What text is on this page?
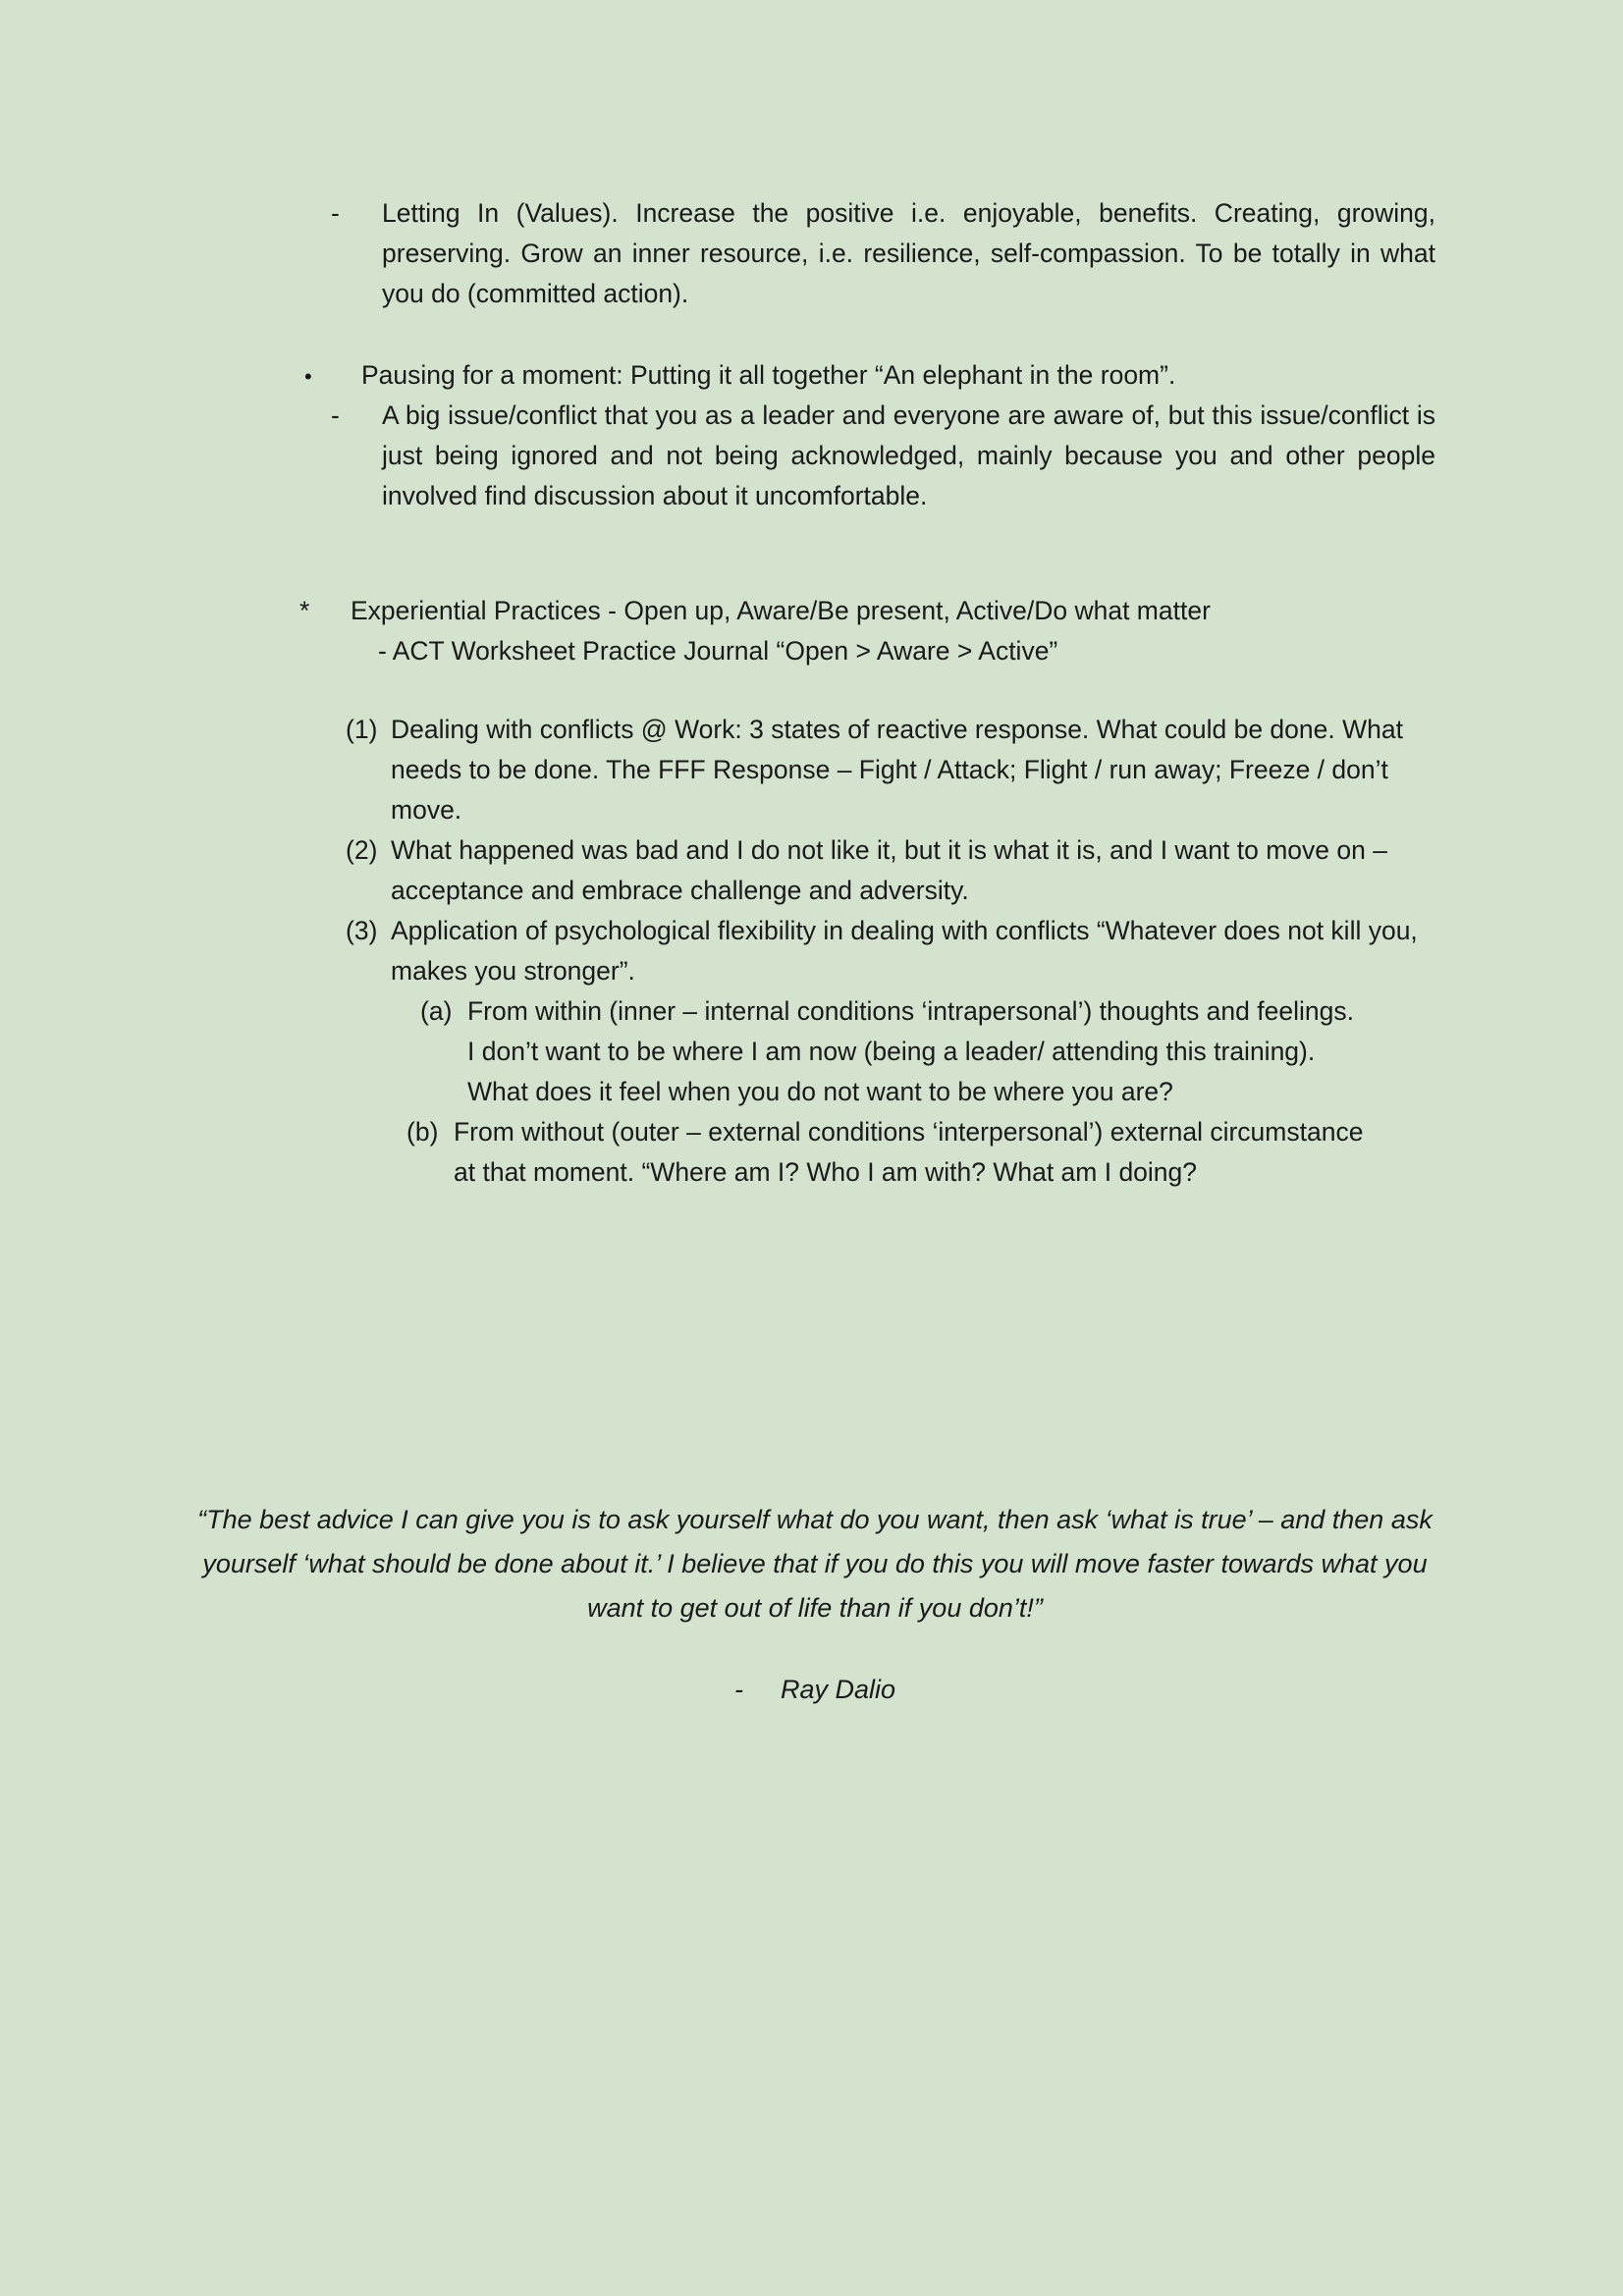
-	Letting In (Values). Increase the positive i.e. enjoyable, benefits. Creating, growing, preserving. Grow an inner resource, i.e. resilience, self-compassion. To be totally in what you do (committed action).
•	Pausing for a moment: Putting it all together “An elephant in the room”.
-	A big issue/conflict that you as a leader and everyone are aware of, but this issue/conflict is just being ignored and not being acknowledged, mainly because you and other people involved find discussion about it uncomfortable.
*	Experiential Practices - Open up, Aware/Be present, Active/Do what matter
- ACT Worksheet Practice Journal “Open > Aware > Active”
(1) Dealing with conflicts @ Work: 3 states of reactive response. What could be done. What needs to be done. The FFF Response – Fight / Attack; Flight / run away; Freeze / don’t move.
(2) What happened was bad and I do not like it, but it is what it is, and I want to move on – acceptance and embrace challenge and adversity.
(3) Application of psychological flexibility in dealing with conflicts “Whatever does not kill you, makes you stronger”.
(a) From within (inner – internal conditions ‘intrapersonal’) thoughts and feelings. I don’t want to be where I am now (being a leader/ attending this training). What does it feel when you do not want to be where you are?
(b) From without (outer – external conditions ‘interpersonal’) external circumstance at that moment. “Where am I? Who I am with? What am I doing?
“The best advice I can give you is to ask yourself what do you want, then ask ‘what is true’ – and then ask yourself ‘what should be done about it.’ I believe that if you do this you will move faster towards what you want to get out of life than if you don’t!”
- Ray Dalio
